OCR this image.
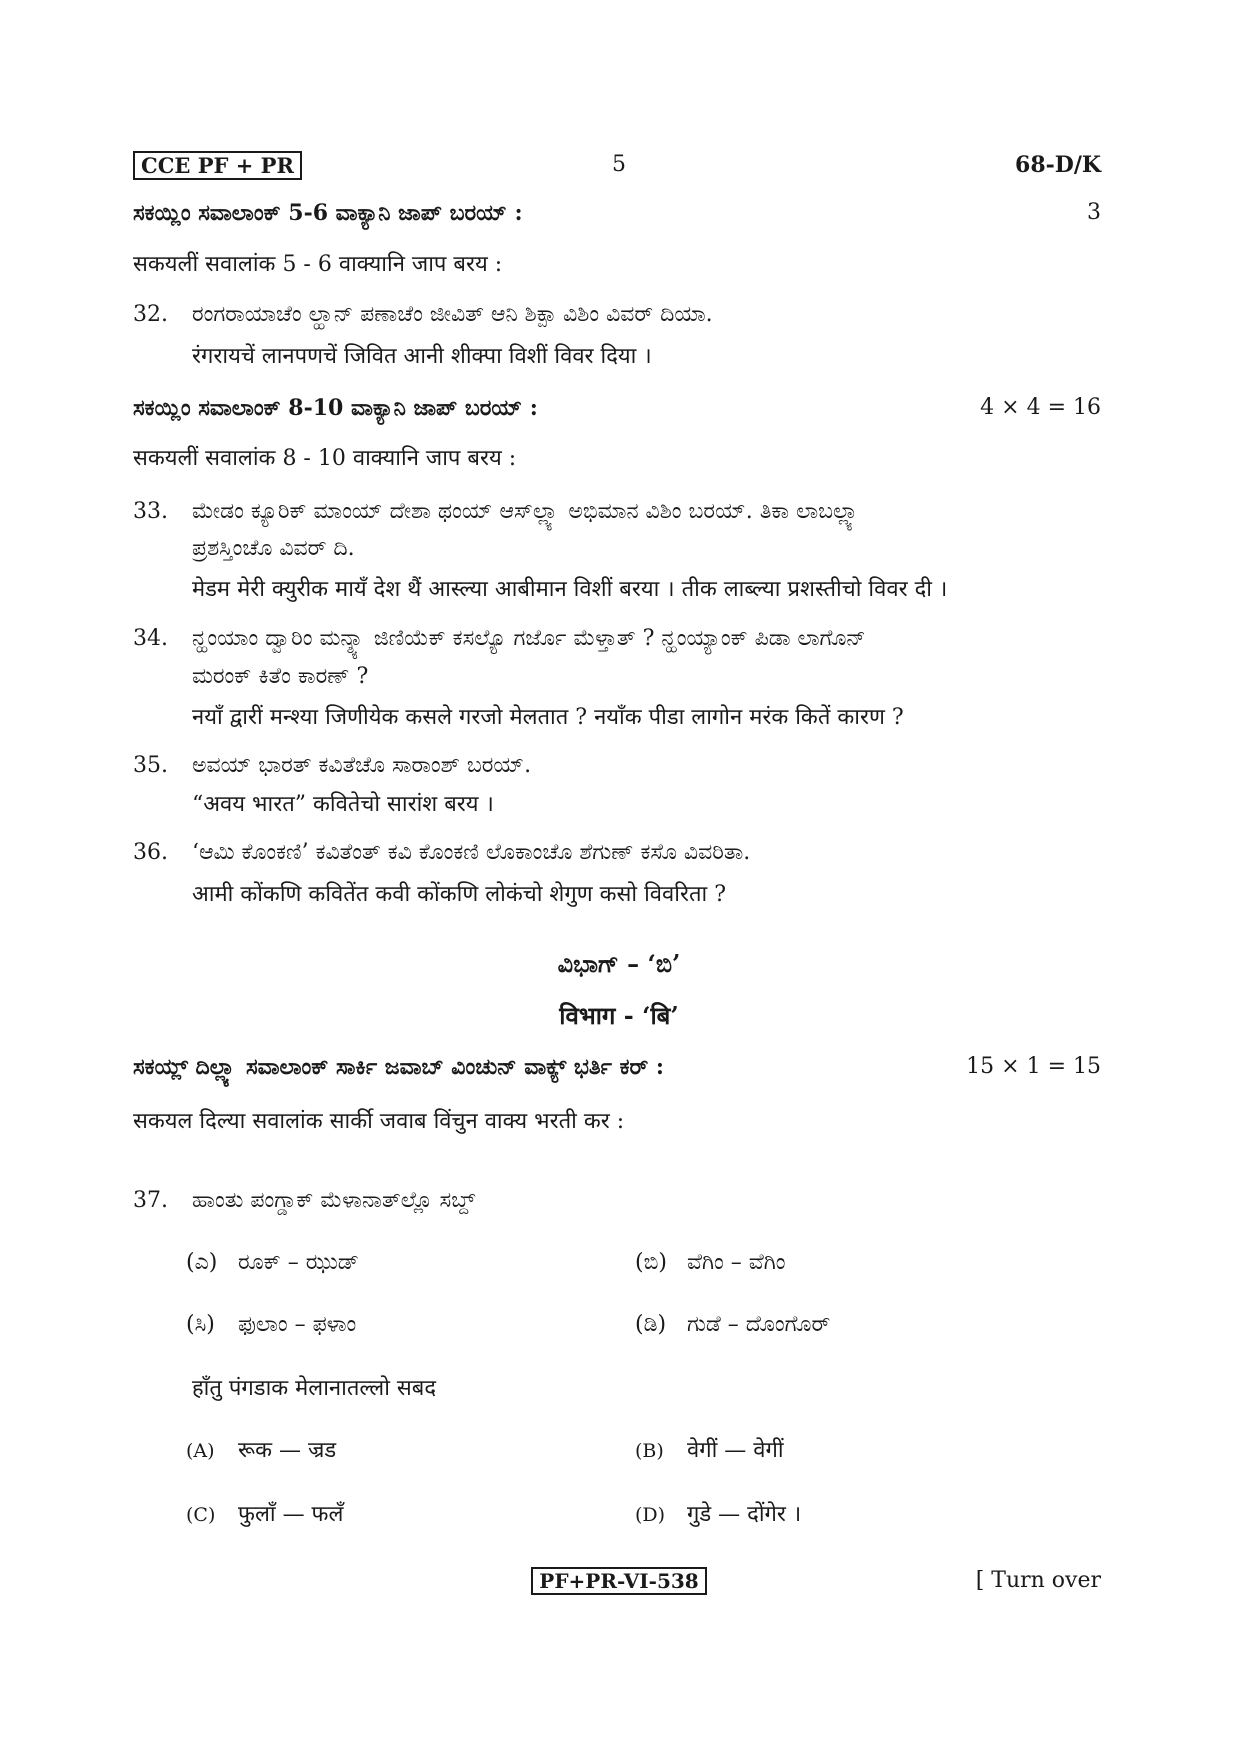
CCE PF + PR	5	68-D/K
ಸಕಯ್ಲಿಂ ಸವಾಲಾಂಕ್ 5-6 ವಾಕ್ಯಾನಿ ಜಾಪ್ ಬರಯ್ :	3
सकयलीं सवालांक 5 - 6 वाक्यानि जाप बरय :
32. ರಂಗರಾಯಾಚೆಂ ಲ್ಹಾನ್ ಪಣಾಚೆಂ ಜೀವಿತ್ ಆನಿ ಶಿಕ್ಪಾ ವಿಶಿಂ ವಿವರ್ ದಿಯಾ.
रंगरायचें लानपणचें जिवित आनी शीक्पा विशीं विवर दिया ।
ಸಕಯ್ಲಿಂ ಸವಾಲಾಂಕ್ 8-10 ವಾಕ್ಯಾನಿ ಜಾಪ್ ಬರಯ್ :	4 × 4 = 16
सकयलीं सवालांक 8 - 10 वाक्यानि जाप बरय :
33. ಮೇಡಂ ಕ್ಯೂರಿಕ್ ಮಾಂಯ್ ದೇಶಾ ಥಂಯ್ ಆಸ್‌ಲ್ಲ್ಯಾ ಅಭಿಮಾನ ವಿಶಿಂ ಬರಯ್. ತಿಕಾ ಲಾಬಲ್ಲ್ಯಾ
ಪ್ರಶಸ್ತಿಂಚೊ ವಿವರ್ ದಿ.
मेडम मेरी क्युरीक मायँ देश थैं आस्ल्या आबीमान विशीं बरया । तीक लाब्ल्या प्रशस्तीचो विवर दी ।
34. ನ್ಹಂಯಾಂ ದ್ವಾರಿಂ ಮನ್ಶ್ಯಾ ಜಿಣಿಯೆಕ್ ಕಸಲ್ಯೊ ಗರ್ಜೊ ಮೆಳ್ತಾತ್ ? ನ್ಹಂಯ್ಯಾಂಕ್ ಪಿಡಾ ಲಾಗೊನ್
ಮರಂಕ್ ಕಿತೆಂ ಕಾರಣ್ ?
नयाँ द्वारीं मन्श्या जिणीयेक कसले गरजो मेलतात ? नयाँक पीडा लागोन मरंक कितें कारण ?
35. ಅವಯ್ ಭಾರತ್ ಕವಿತೆಚೊ ಸಾರಾಂಶ್ ಬರಯ್.
“अवय भारत” कवितेचो सारांश बरय ।
36. ‘ಆಮಿ ಕೊಂಕಣಿ’ ಕವಿತೆಂತ್ ಕವಿ ಕೊಂಕಣಿ ಲೊಕಾಂಚೊ ಶೆಗುಣ್ ಕಸೊ ವಿವರಿತಾ.
आमी कोंकणि कवितेंत कवी कोंकणि लोकंचो शेगुण कसो विवरिता ?
ವಿಭಾಗ್ – ‘ಬಿ’
विभाग - ‘बि’
ಸಕಯ್ಲ್ ದಿಲ್ಲ್ಯಾ ಸವಾಲಾಂಕ್ ಸಾರ್ಕಿ ಜವಾಬ್ ವಿಂಚುನ್ ವಾಕ್ಯ್ ಭರ್ತಿ ಕರ್ :	15 × 1 = 15
सकयल दिल्या सवालांक सार्की जवाब विंचुन वाक्य भरती कर :
37. ಹಾಂತು ಪಂಗ್ಡಾಕ್ ಮೆಳಾನಾತ್‌ಲ್ಲೊ ಸಬ್ದ್
(ಎ) ರೂಕ್ – ಝುಡ್	(ಬಿ) ವೆಗಿಂ – ವೆಗಿಂ
(ಸಿ) ಫುಲಾಂ – ಫಳಾಂ	(ಡಿ) ಗುಡೆ – ದೊಂಗೊರ್
हाँतु पंगडाक मेलानातल्लो सबद
(A) रूक — ज्रड	(B) वेगीं — वेगीं
(C) फुलाँ — फलँ	(D) गुडे — दोंगेर ।
PF+PR-VI-538	[ Turn over
